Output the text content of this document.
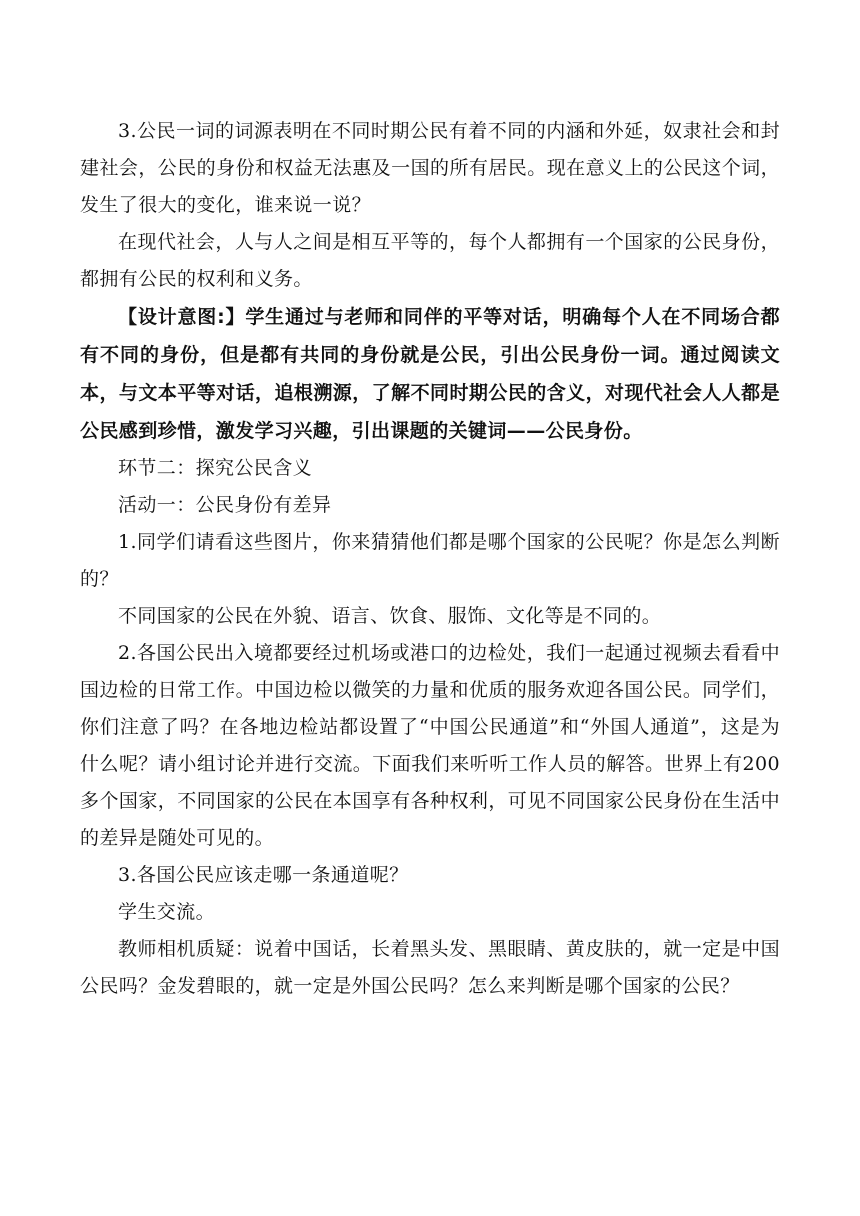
3.公民一词的词源表明在不同时期公民有着不同的内涵和外延，奴隶社会和封建社会，公民的身份和权益无法惠及一国的所有居民。现在意义上的公民这个词，发生了很大的变化，谁来说一说？

在现代社会，人与人之间是相互平等的，每个人都拥有一个国家的公民身份，都拥有公民的权利和义务。

【设计意图:】学生通过与老师和同伴的平等对话，明确每个人在不同场合都有不同的身份，但是都有共同的身份就是公民，引出公民身份一词。通过阅读文本，与文本平等对话，追根溯源，了解不同时期公民的含义，对现代社会人人都是公民感到珍惜，激发学习兴趣，引出课题的关键词——公民身份。

环节二：探究公民含义

活动一：公民身份有差异

1.同学们请看这些图片，你来猜猜他们都是哪个国家的公民呢？你是怎么判断的？

不同国家的公民在外貌、语言、饮食、服饰、文化等是不同的。

2.各国公民出入境都要经过机场或港口的边检处，我们一起通过视频去看看中国边检的日常工作。中国边检以微笑的力量和优质的服务欢迎各国公民。同学们，你们注意了吗？在各地边检站都设置了“中国公民通道”和“外国人通道”，这是为什么呢？请小组讨论并进行交流。下面我们来听听工作人员的解答。世界上有200多个国家，不同国家的公民在本国享有各种权利，可见不同国家公民身份在生活中的差异是随处可见的。

3.各国公民应该走哪一条通道呢？

学生交流。

教师相机质疑：说着中国话，长着黑头发、黑眼睛、黄皮肤的，就一定是中国公民吗？金发碧眼的，就一定是外国公民吗？怎么来判断是哪个国家的公民？
